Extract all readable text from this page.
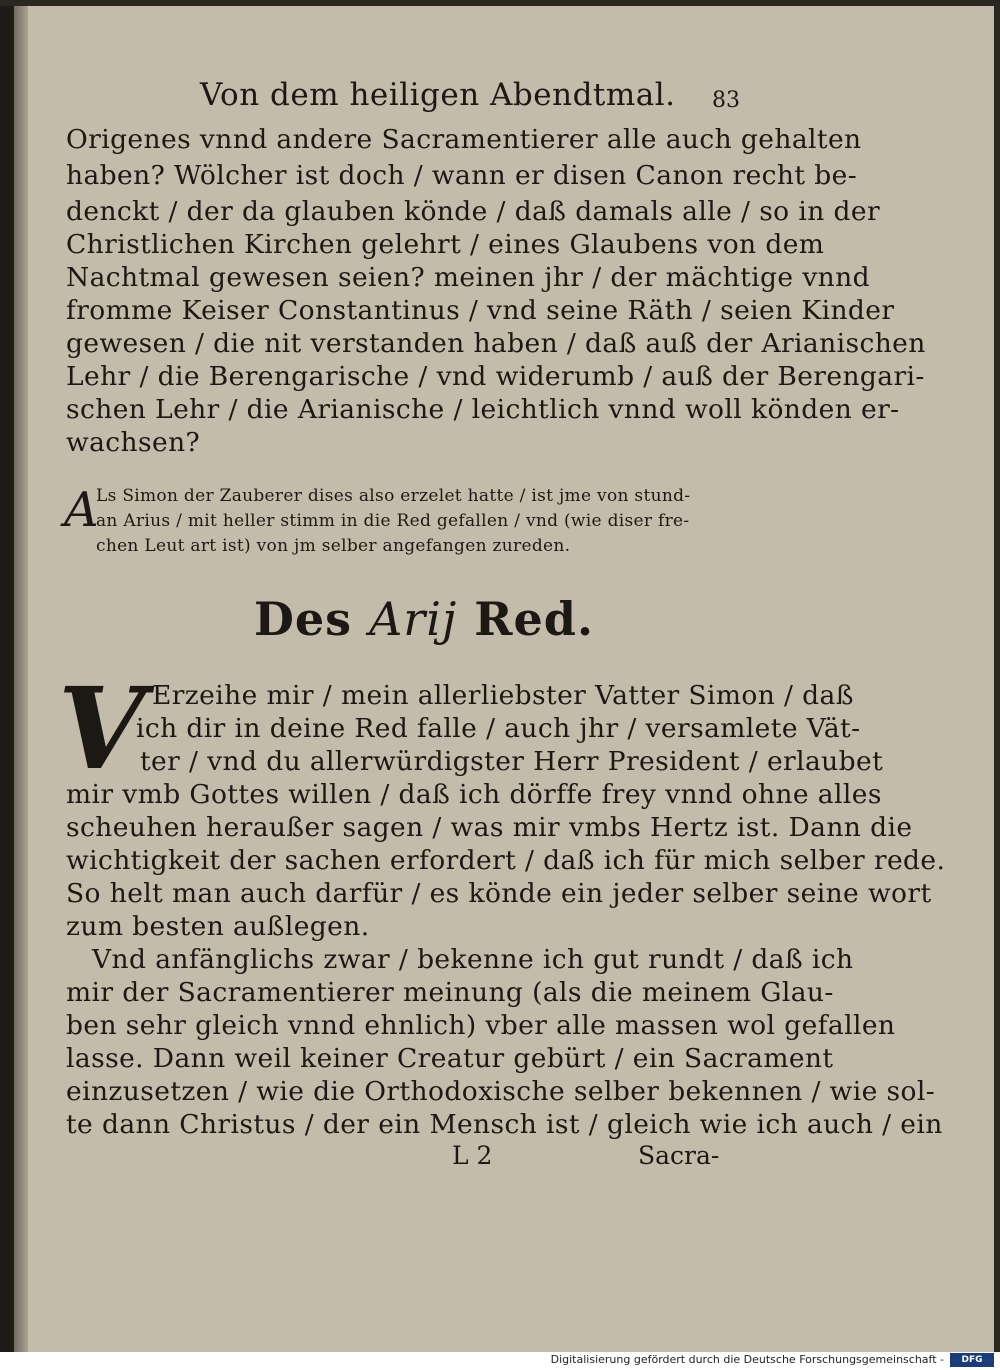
Von dem heiligen Abendtmal. 83
Origenes vnnd andere Sacramentierer alle auch gehalten
haben? Wölcher ist doch / wann er disen Canon recht be-
denckt / der da glauben könde / daß damals alle / so in der
Christlichen Kirchen gelehrt / eines Glaubens von dem
Nachtmal gewesen seien? meinen jhr / der mächtige vnnd
fromme Keiser Constantinus / vnd seine Räth / seien Kinder
gewesen / die nit verstanden haben / daß auß der Arianischen
Lehr / die Berengarische / vnd widerumb / auß der Berengari-
schen Lehr / die Arianische / leichtlich vnnd woll könden er-
wachsen?
A
Ls Simon der Zauberer dises also erzelet hatte / ist jme von stund-
an Arius / mit heller stimm in die Red gefallen / vnd (wie diser fre-
chen Leut art ist) von jm selber angefangen zureden.
Des Arij Red.
V Erzeihe mir / mein allerliebster Vatter Simon / daß
ich dir in deine Red falle / auch jhr / versamlete Vät-
ter / vnd du allerwürdigster Herr President / erlaubet
mir vmb Gottes willen / daß ich dörffe frey vnnd ohne alles
scheuhen heraußer sagen / was mir vmbs Hertz ist. Dann die
wichtigkeit der sachen erfordert / daß ich für mich selber rede.
So helt man auch darfür / es könde ein jeder selber seine wort
zum besten außlegen.
Vnd anfänglichs zwar / bekenne ich gut rundt / daß ich
mir der Sacramentierer meinung (als die meinem Glau-
ben sehr gleich vnnd ehnlich) vber alle massen wol gefallen
lasse. Dann weil keiner Creatur gebürt / ein Sacrament
einzusetzen / wie die Orthodoxische selber bekennen / wie sol-
te dann Christus / der ein Mensch ist / gleich wie ich auch / ein
L 2	Sacra-
Digitalisierung gefördert durch die Deutsche Forschungsgemeinschaft -	DFG
